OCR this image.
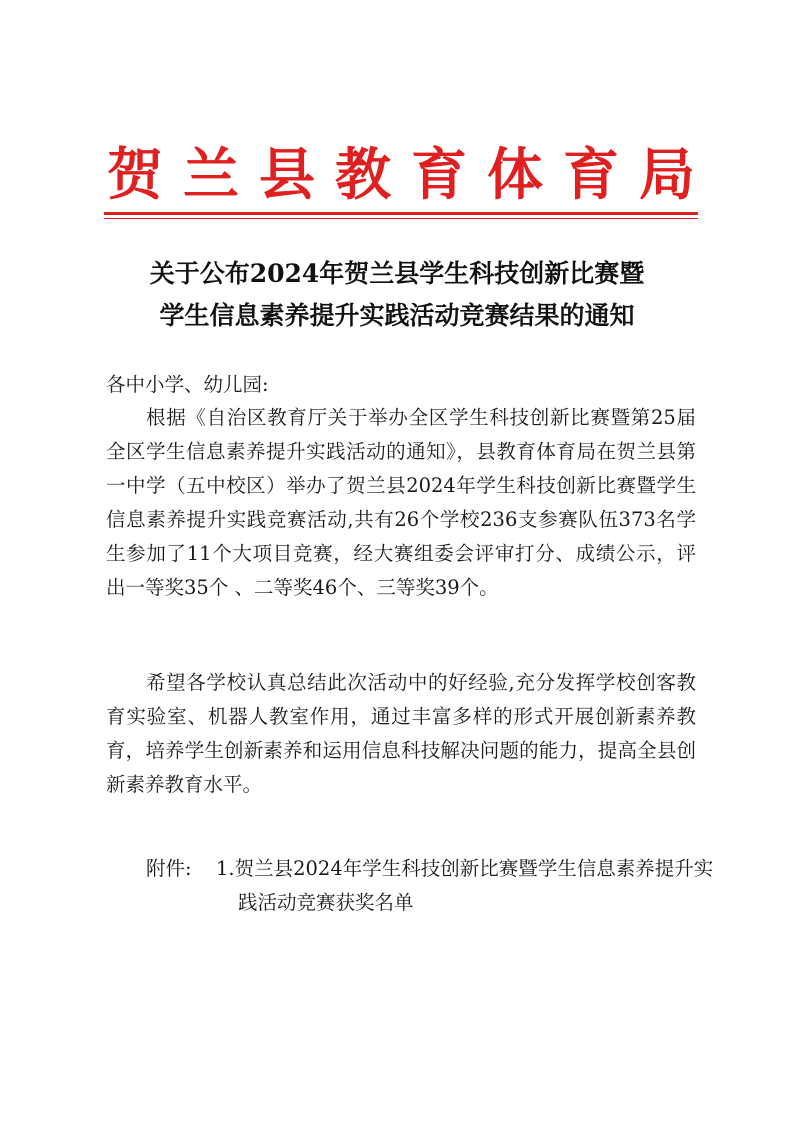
贺 兰 县 教 育 体 育 局
关于公布2024年贺兰县学生科技创新比赛暨
学生信息素养提升实践活动竞赛结果的通知

各中小学、幼儿园:

根据《自治区教育厅关于举办全区学生科技创新比赛暨第25届全区学生信息素养提升实践活动的通知》，县教育体育局在贺兰县第一中学（五中校区）举办了贺兰县2024年学生科技创新比赛暨学生信息素养提升实践竞赛活动,共有26个学校236支参赛队伍373名学生参加了11个大项目竞赛，经大赛组委会评审打分、成绩公示，评出一等奖35个 、二等奖46个、三等奖39个。

希望各学校认真总结此次活动中的好经验,充分发挥学校创客教育实验室、机器人教室作用，通过丰富多样的形式开展创新素养教育，培养学生创新素养和运用信息科技解决问题的能力，提高全县创新素养教育水平。

附件: 1.贺兰县2024年学生科技创新比赛暨学生信息素养提升实践活动竞赛获奖名单
